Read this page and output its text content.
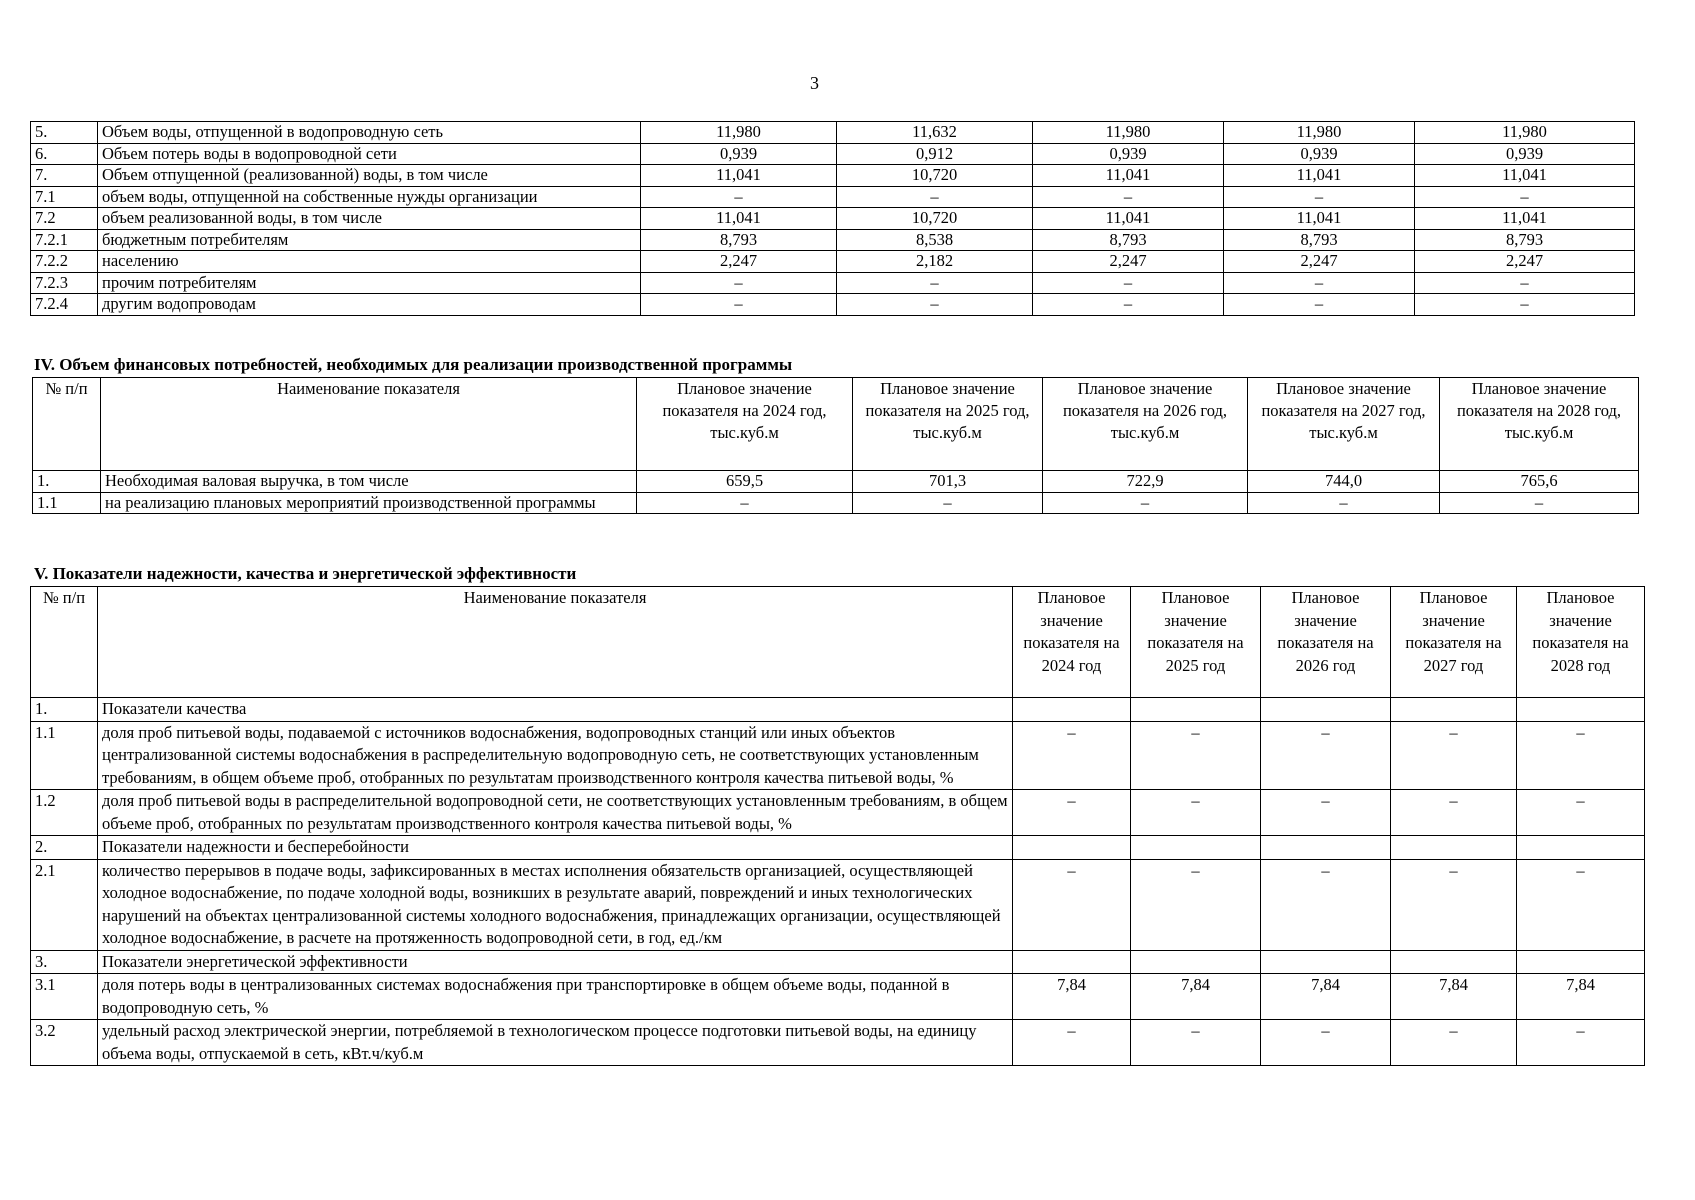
3
5.	Объем воды, отпущенной в водопроводную сеть	11,980	11,632	11,980	11,980	11,980
6.	Объем потерь воды в водопроводной сети	0,939	0,912	0,939	0,939	0,939
7.	Объем отпущенной (реализованной) воды, в том числе	11,041	10,720	11,041	11,041	11,041
7.1	объем воды, отпущенной на собственные нужды организации	–	–	–	–	–
7.2	объем реализованной воды, в том числе	11,041	10,720	11,041	11,041	11,041
7.2.1	бюджетным потребителям	8,793	8,538	8,793	8,793	8,793
7.2.2	населению	2,247	2,182	2,247	2,247	2,247
7.2.3	прочим потребителям	–	–	–	–	–
7.2.4	другим водопроводам	–	–	–	–	–
IV. Объем финансовых потребностей, необходимых для реализации производственной программы
№ п/п	Наименование показателя	Плановое значение показателя на 2024 год, тыс.куб.м	Плановое значение показателя на 2025 год, тыс.куб.м	Плановое значение показателя на 2026 год, тыс.куб.м	Плановое значение показателя на 2027 год, тыс.куб.м	Плановое значение показателя на 2028 год, тыс.куб.м
1.	Необходимая валовая выручка, в том числе	659,5	701,3	722,9	744,0	765,6
1.1	на реализацию плановых мероприятий производственной программы	–	–	–	–	–
V. Показатели надежности, качества и энергетической эффективности
№ п/п	Наименование показателя	Плановое значение показателя на 2024 год	Плановое значение показателя на 2025 год	Плановое значение показателя на 2026 год	Плановое значение показателя на 2027 год	Плановое значение показателя на 2028 год
1.	Показатели качества					
1.1	доля проб питьевой воды, подаваемой с источников водоснабжения, водопроводных станций или иных объектов централизованной системы водоснабжения в распределительную водопроводную сеть, не соответствующих установленным требованиям, в общем объеме проб, отобранных по результатам производственного контроля качества питьевой воды, %	–	–	–	–	–
1.2	доля проб питьевой воды в распределительной водопроводной сети, не соответствующих установленным требованиям, в общем объеме проб, отобранных по результатам производственного контроля качества питьевой воды, %	–	–	–	–	–
2.	Показатели надежности и бесперебойности					
2.1	количество перерывов в подаче воды, зафиксированных в местах исполнения обязательств организацией, осуществляющей холодное водоснабжение, по подаче холодной воды, возникших в результате аварий, повреждений и иных технологических нарушений на объектах централизованной системы холодного водоснабжения, принадлежащих организации, осуществляющей холодное водоснабжение, в расчете на протяженность водопроводной сети, в год, ед./км	–	–	–	–	–
3.	Показатели энергетической эффективности					
3.1	доля потерь воды в централизованных системах водоснабжения при транспортировке в общем объеме воды, поданной в водопроводную сеть, %	7,84	7,84	7,84	7,84	7,84
3.2	удельный расход электрической энергии, потребляемой в технологическом процессе подготовки питьевой воды, на единицу объема воды, отпускаемой в сеть, кВт.ч/куб.м	–	–	–	–	–
